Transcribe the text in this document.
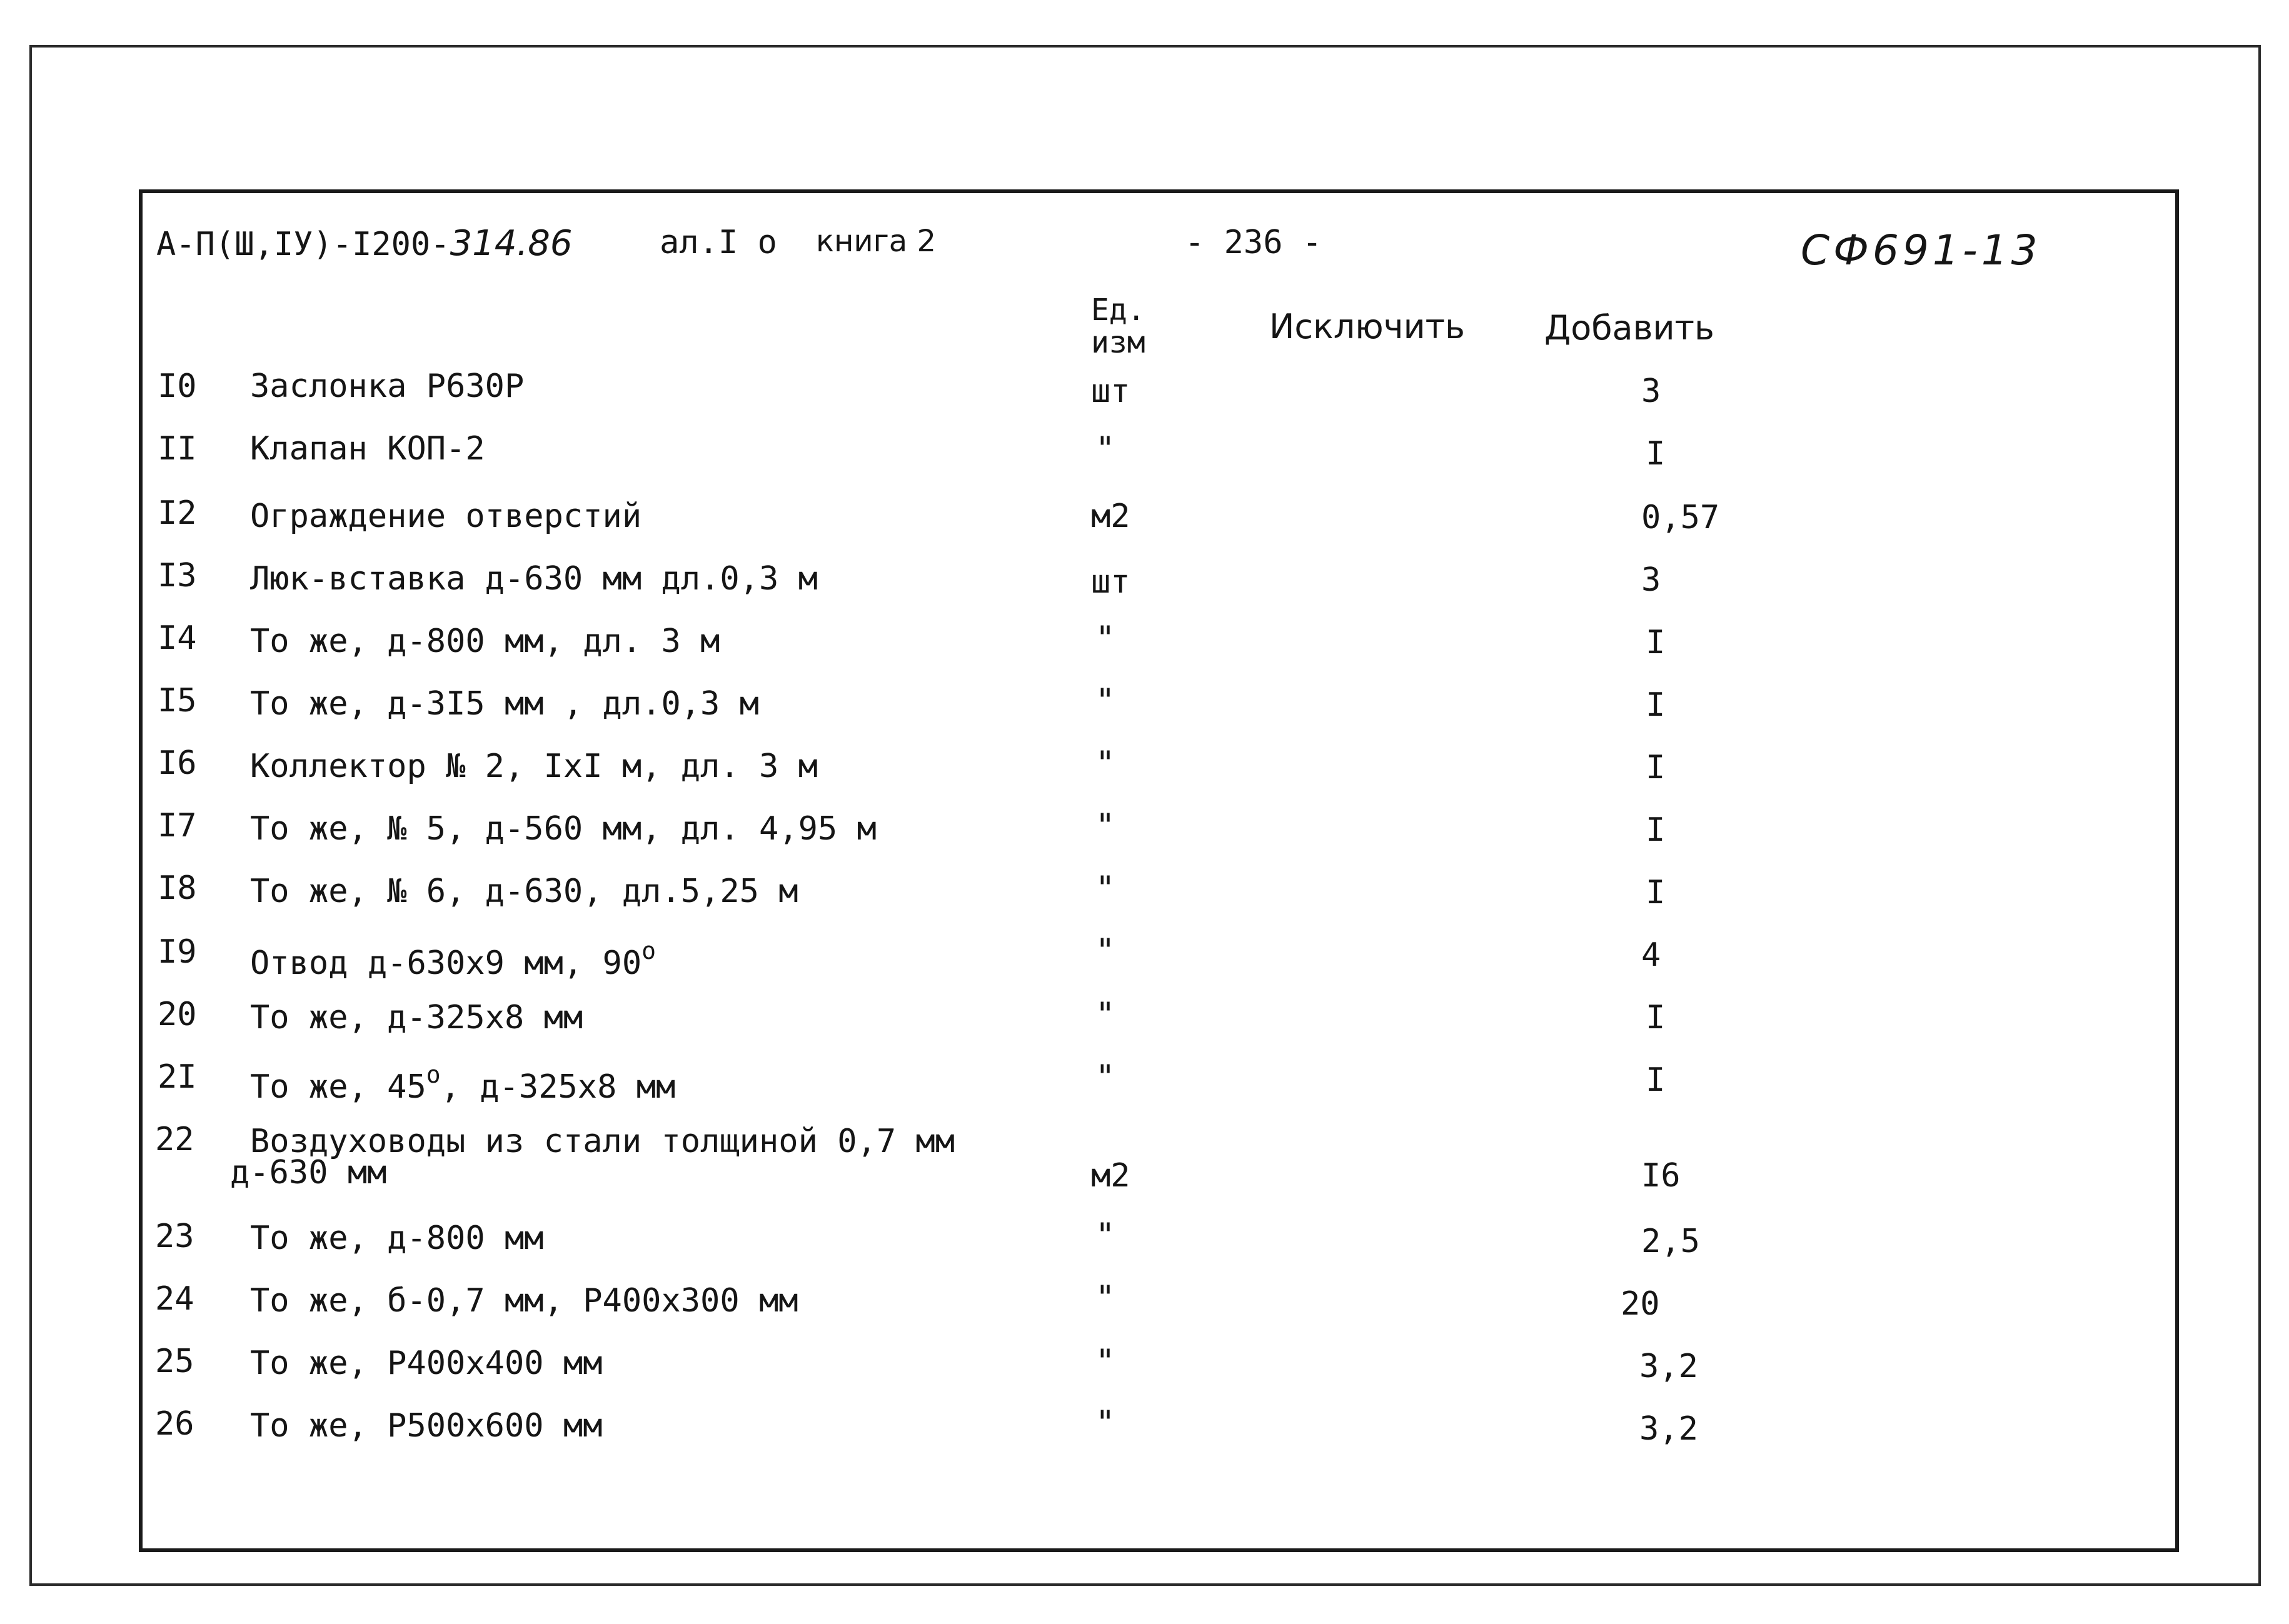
А-П(Ш,IУ)-I200-314.86	ал.I о книга 2	- 236 -	СФ691-13
Ед.
изм	Исключить Добавить
I0 Заслонка Р630Р	шт	3
II Клапан КОП-2	"	I
I2 Ограждение отверстий	м2	0,57
I3 Люк-вставка д-630 мм дл.0,3 м	шт	3
I4 То же, д-800 мм, дл. 3 м	"	I
I5 То же, д-3I5 мм , дл.0,3 м	"	I
I6 Коллектор № 2, IхI м, дл. 3 м	"	I
I7 То же, № 5, д-560 мм, дл. 4,95 м	"	I
I8 То же, № 6, д-630, дл.5,25 м	"	I
I9 Отвод д-630х9 мм, $90^о$	"	4
20 То же, д-325х8 мм	"	I
2I То же, $45^о$, д-325х8 мм	"	I
22 Воздуховоды из стали толщиной 0,7 мм
д-630 мм	м2	I6
23 То же, д-800 мм	"	2,5
24 То же, б-0,7 мм, Р400х300 мм	"	20
25 То же, Р400х400 мм	"	3,2
26 То же, Р500х600 мм	"	3,2
